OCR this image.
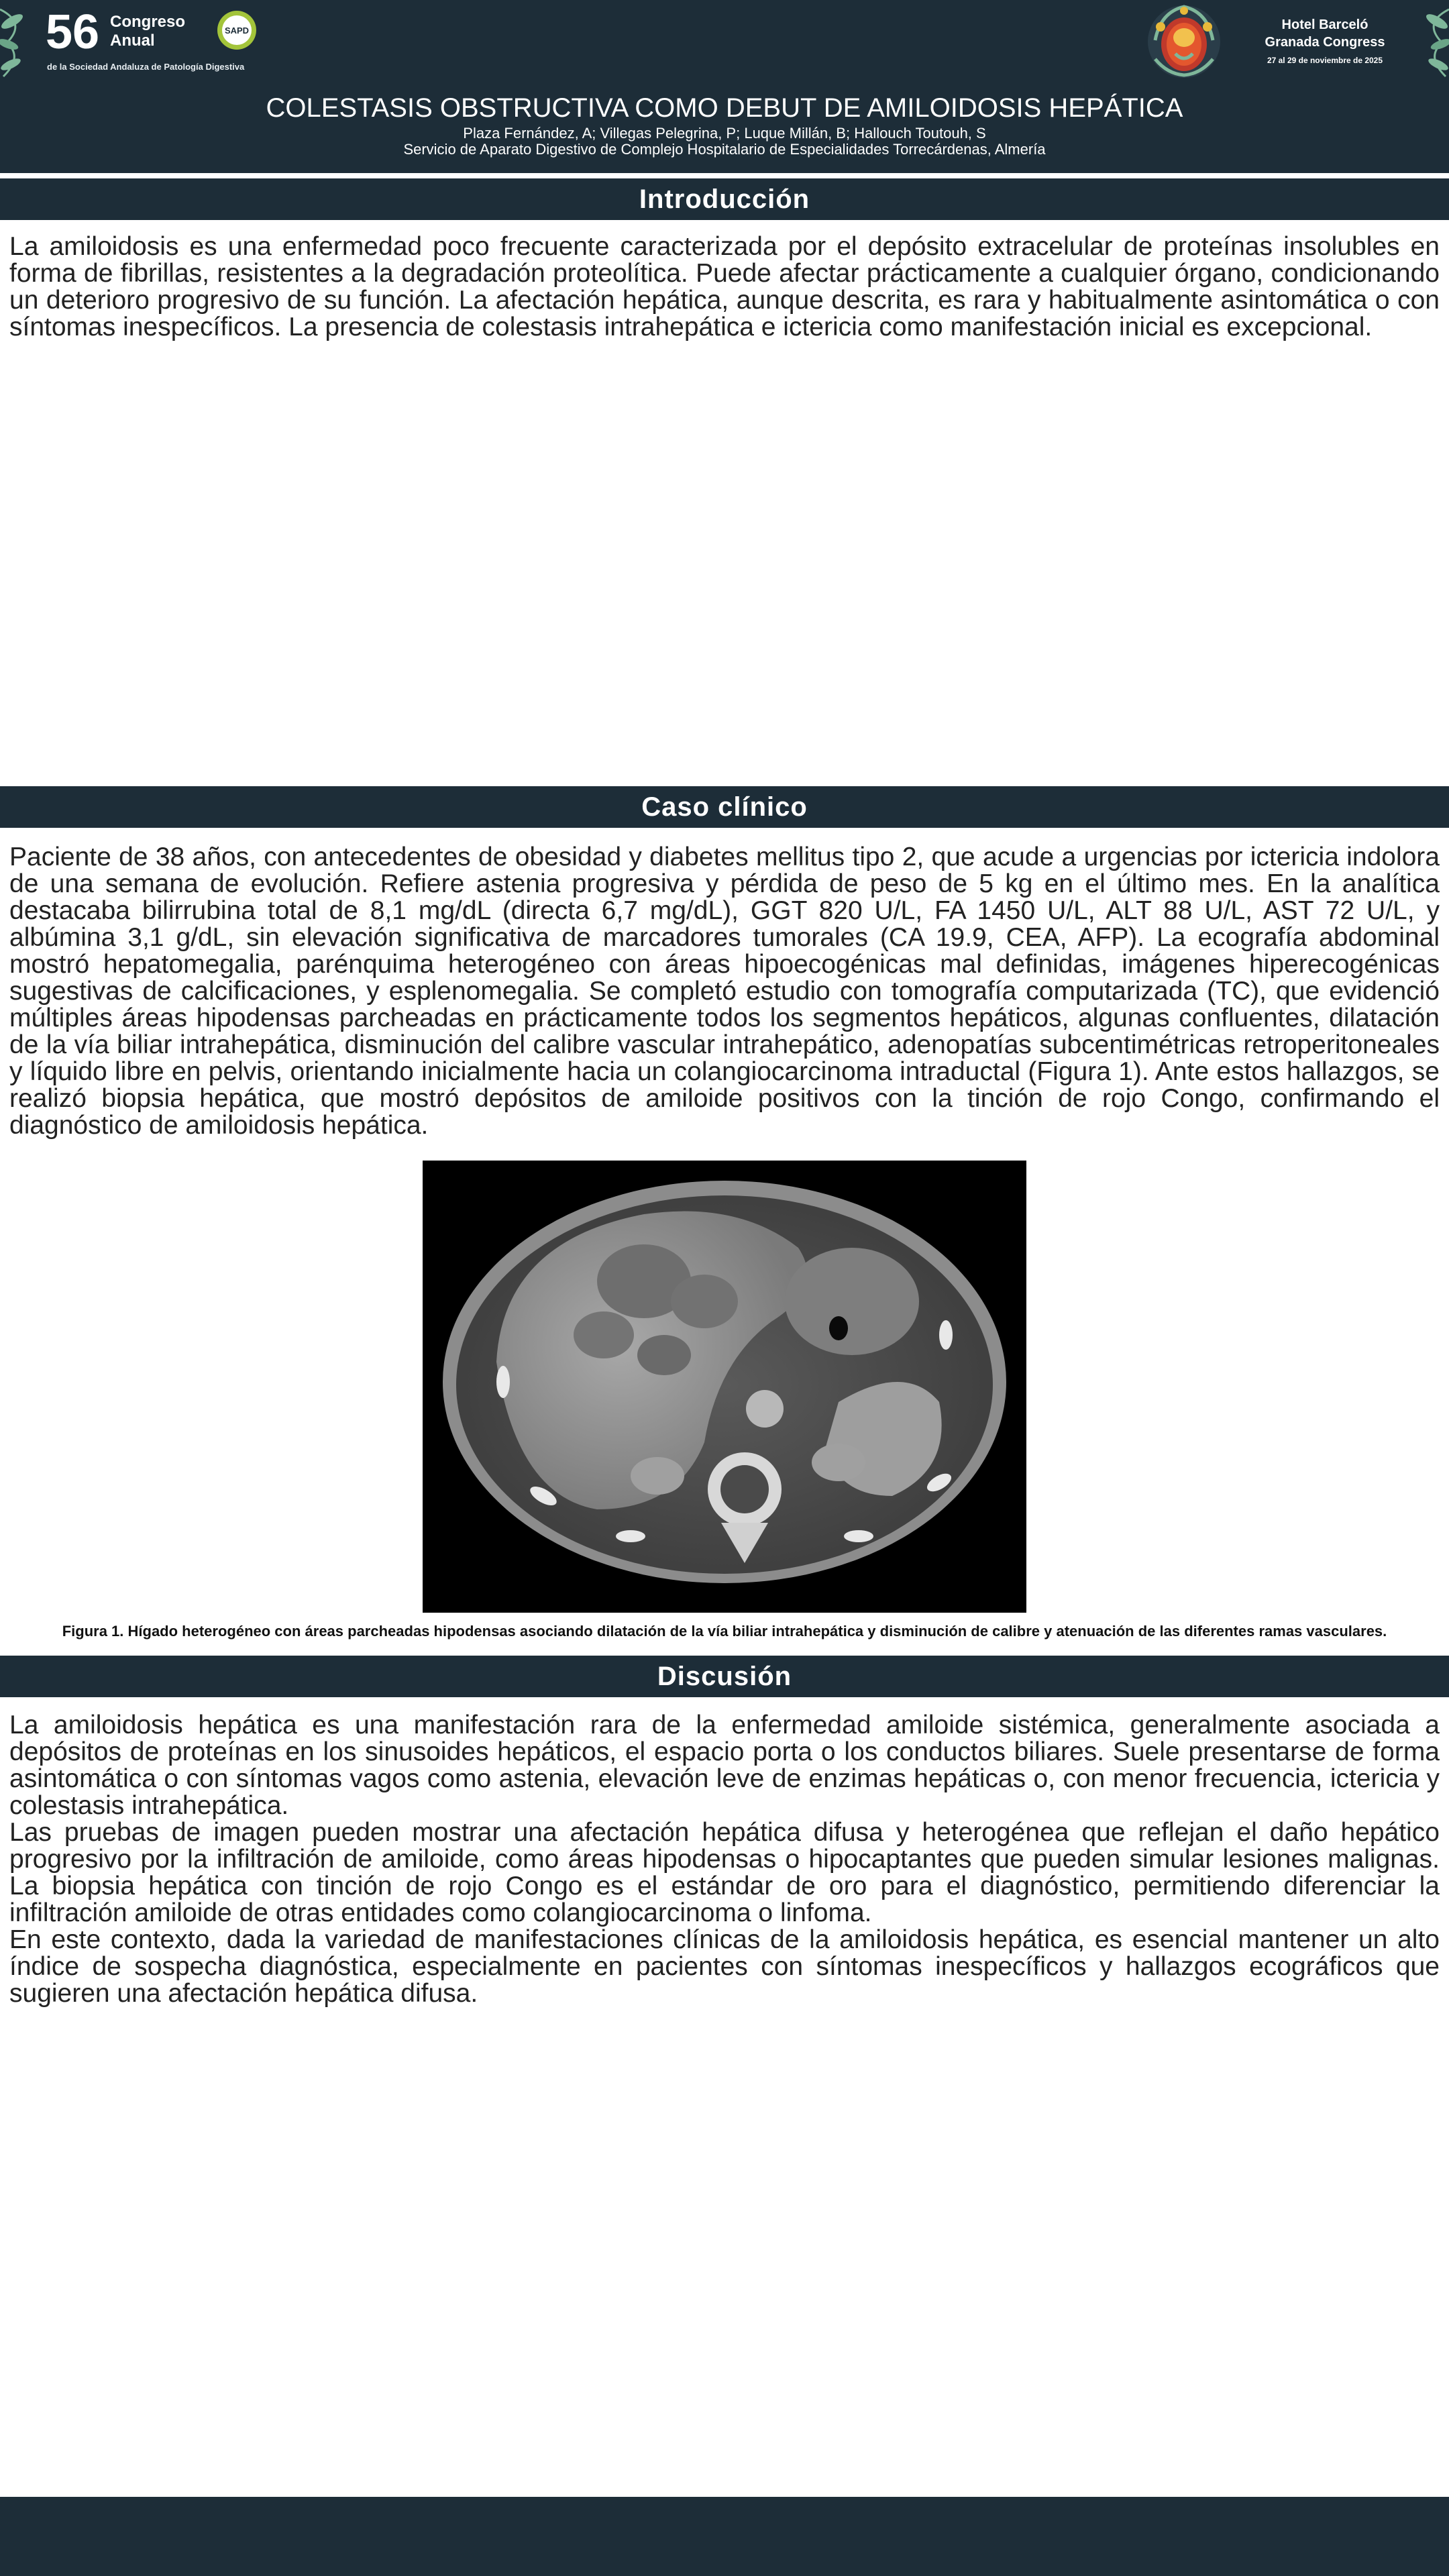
56 Congreso
Anual
de la Sociedad Andaluza de Patología Digestiva
SAPD	Hotel Barceló
Granada Congress
27 al 29 de noviembre de 2025
COLESTASIS OBSTRUCTIVA COMO DEBUT DE AMILOIDOSIS HEPÁTICA
Plaza Fernández, A; Villegas Pelegrina, P; Luque Millán, B; Hallouch Toutouh, S
Servicio de Aparato Digestivo de Complejo Hospitalario de Especialidades Torrecárdenas, Almería
Introducción

La amiloidosis es una enfermedad poco frecuente caracterizada por el depósito extracelular de proteínas insolubles en forma de fibrillas, resistentes a la degradación proteolítica. Puede afectar prácticamente a cualquier órgano, condicionando un deterioro progresivo de su función. La afectación hepática, aunque descrita, es rara y habitualmente asintomática o con síntomas inespecíficos. La presencia de colestasis intrahepática e ictericia como manifestación inicial es excepcional.

Caso clínico

Paciente de 38 años, con antecedentes de obesidad y diabetes mellitus tipo 2, que acude a urgencias por ictericia indolora de una semana de evolución. Refiere astenia progresiva y pérdida de peso de 5 kg en el último mes. En la analítica destacaba bilirrubina total de 8,1 mg/dL (directa 6,7 mg/dL), GGT 820 U/L, FA 1450 U/L, ALT 88 U/L, AST 72 U/L, y albúmina 3,1 g/dL, sin elevación significativa de marcadores tumorales (CA 19.9, CEA, AFP). La ecografía abdominal mostró hepatomegalia, parénquima heterogéneo con áreas hipoecogénicas mal definidas, imágenes hiperecogénicas sugestivas de calcificaciones, y esplenomegalia. Se completó estudio con tomografía computarizada (TC), que evidenció múltiples áreas hipodensas parcheadas en prácticamente todos los segmentos hepáticos, algunas confluentes, dilatación de la vía biliar intrahepática, disminución del calibre vascular intrahepático, adenopatías subcentimétricas retroperitoneales y líquido libre en pelvis, orientando inicialmente hacia un colangiocarcinoma intraductal (Figura 1). Ante estos hallazgos, se realizó biopsia hepática, que mostró depósitos de amiloide positivos con la tinción de rojo Congo, confirmando el diagnóstico de amiloidosis hepática.

Figura 1. Hígado heterogéneo con áreas parcheadas hipodensas asociando dilatación de la vía biliar intrahepática y disminución de calibre y atenuación de las diferentes ramas vasculares.
Discusión

La amiloidosis hepática es una manifestación rara de la enfermedad amiloide sistémica, generalmente asociada a depósitos de proteínas en los sinusoides hepáticos, el espacio porta o los conductos biliares. Suele presentarse de forma asintomática o con síntomas vagos como astenia, elevación leve de enzimas hepáticas o, con menor frecuencia, ictericia y colestasis intrahepática.

Las pruebas de imagen pueden mostrar una afectación hepática difusa y heterogénea que reflejan el daño hepático progresivo por la infiltración de amiloide, como áreas hipodensas o hipocaptantes que pueden simular lesiones malignas. La biopsia hepática con tinción de rojo Congo es el estándar de oro para el diagnóstico, permitiendo diferenciar la infiltración amiloide de otras entidades como colangiocarcinoma o linfoma.

En este contexto, dada la variedad de manifestaciones clínicas de la amiloidosis hepática, es esencial mantener un alto índice de sospecha diagnóstica, especialmente en pacientes con síntomas inespecíficos y hallazgos ecográficos que sugieren una afectación hepática difusa.
